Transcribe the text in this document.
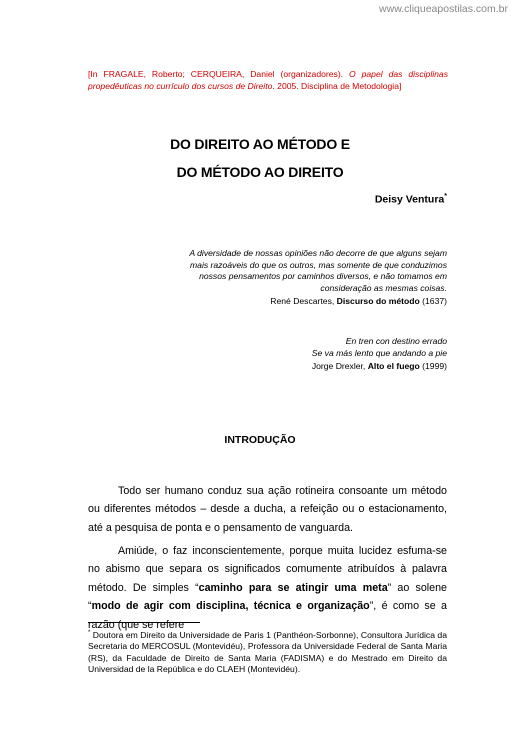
www.cliqueapostilas.com.br
[In FRAGALE, Roberto; CERQUEIRA, Daniel (organizadores). O papel das disciplinas propedêuticas no currículo dos cursos de Direito. 2005. Disciplina de Metodologia]
DO DIREITO AO MÉTODO E
DO MÉTODO AO DIREITO
Deisy Ventura*
A diversidade de nossas opiniões não decorre de que alguns sejam mais razoáveis do que os outros, mas somente de que conduzimos nossos pensamentos por caminhos diversos, e não tomamos em consideração as mesmas coisas.
René Descartes, Discurso do método (1637)
En tren con destino errado
Se va más lento que andando a pie
Jorge Drexler, Alto el fuego (1999)
INTRODUÇÃO

Todo ser humano conduz sua ação rotineira consoante um método ou diferentes métodos – desde a ducha, a refeição ou o estacionamento, até a pesquisa de ponta e o pensamento de vanguarda.

Amiúde, o faz inconscientemente, porque muita lucidez esfuma-se no abismo que separa os significados comumente atribuídos à palavra método. De simples “caminho para se atingir uma meta” ao solene “modo de agir com disciplina, técnica e organização”, é como se a razão (que se refere

* Doutora em Direito da Universidade de Paris 1 (Panthéon-Sorbonne), Consultora Jurídica da Secretaria do MERCOSUL (Montevidéu), Professora da Universidade Federal de Santa Maria (RS), da Faculdade de Direito de Santa Maria (FADISMA) e do Mestrado em Direito da Universidad de la República e do CLAEH (Montevidéu).
